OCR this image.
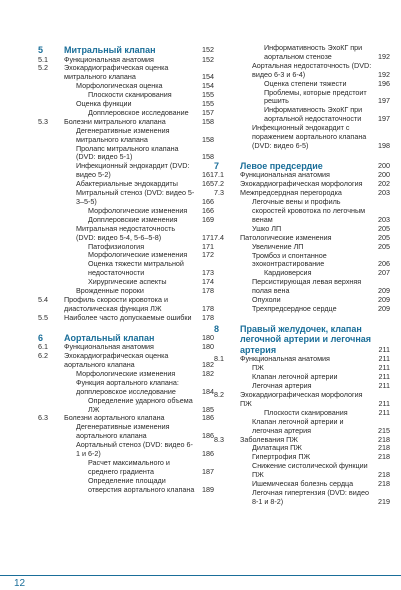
5	Митральный клапан	152
5.1	Функциональная анатомия	152
5.2	Эхокардиографическая оценка митрального клапана	154
Морфологическая оценка	154
Плоскости сканирования	155
Оценка функции	155
Допплеровское исследование	157
5.3	Болезни митрального клапана	158
Дегенеративные изменения митрального клапана	158
Пролапс митрального клапана (DVD: видео 5-1)	158
Инфекционный эндокардит (DVD: видео 5-2)	161
Абактериальные эндокардиты	165
Митральный стеноз (DVD: видео 5-3–5-5)	166
Морфологические изменения	166
Допплеровские изменения	169
Митральная недостаточность (DVD: видео 5-4, 5-6–5-8)	171
Патофизиология	171
Морфологические изменения	172
Оценка тяжести митральной недостаточности	173
Хирургические аспекты	174
Врожденные пороки	178
5.4	Профиль скорости кровотока и диастолическая функция ЛЖ	178
5.5	Наиболее часто допускаемые ошибки	178
6	Аортальный клапан	180
6.1	Функциональная анатомия	180
6.2	Эхокардиографическая оценка аортального клапана	182
Морфологические изменения	182
Функция аортального клапана: допплеровское исследование	184
Определение ударного объема ЛЖ	185
6.3	Болезни аортального клапана	186
Дегенеративные изменения аортального клапана	186
Аортальный стеноз (DVD: видео 6-1 и 6-2)	186
Расчет максимального и среднего градиента	187
Определение площади отверстия аортального клапана	189
Информативность ЭхоКГ при аортальном стенозе	192
Аортальная недостаточность (DVD: видео 6-3 и 6-4)	192
Оценка степени тяжести	196
Проблемы, которые предстоит решить	197
Информативность ЭхоКГ при аортальной недостаточности	197
Инфекционный эндокардит с поражением аортального клапана (DVD: видео 6-5)	198
7	Левое предсердие	200
7.1	Функциональная анатомия	200
7.2	Эхокардиографическая морфология	202
7.3	Межпредсердная перегородка	203
Легочные вены и профиль скоростей кровотока по легочным венам	203
Ушко ЛП	205
7.4	Патологические изменения	205
Увеличение ЛП	205
Тромбоз и спонтанное эхоконтрастирование	206
Кардиоверсия	207
Персистирующая левая верхняя полая вена	209
Опухоли	209
Трехпредсердное сердце	209
8	Правый желудочек, клапан легочной артерии и легочная артерия	211
8.1	Функциональная анатомия	211
ПЖ	211
Клапан легочной артерии	211
Легочная артерия	211
8.2	Эхокардиографическая морфология ПЖ	211
Плоскости сканирования	211
Клапан легочной артерии и легочная артерия	215
8.3	Заболевания ПЖ	218
Дилатация ПЖ	218
Гипертрофия ПЖ	218
Снижение систолической функции ПЖ	218
Ишемическая болезнь сердца	218
Легочная гипертензия (DVD: видео 8-1 и 8-2)	219
12
